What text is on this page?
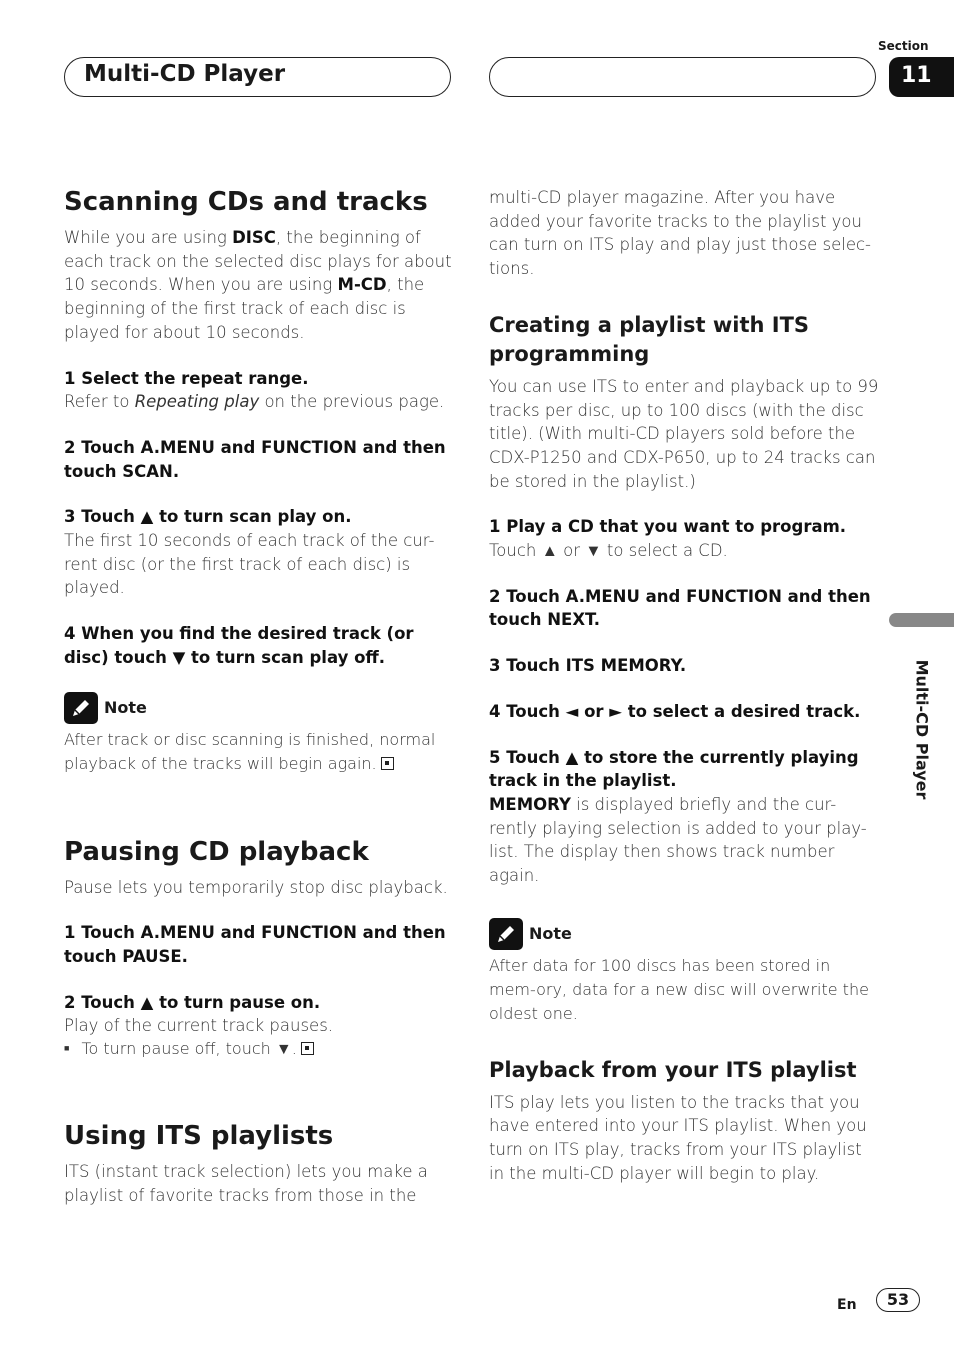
Multi-CD Player
Section
11
Multi-CD Player
Scanning CDs and tracks

While you are using DISC, the beginning of each track on the selected disc plays for about 10 seconds. When you are using M-CD, the beginning of the first track of each disc is played for about 10 seconds.

1 Select the repeat range.

Refer to Repeating play on the previous page.

2 Touch A.MENU and FUNCTION and then touch SCAN.

3 Touch ▲ to turn scan play on.

The first 10 seconds of each track of the cur-rent disc (or the first track of each disc) is played.

4 When you find the desired track (or disc) touch ▼ to turn scan play off.

Note

After track or disc scanning is finished, normal playback of the tracks will begin again.

Pausing CD playback

Pause lets you temporarily stop disc playback.

1 Touch A.MENU and FUNCTION and then touch PAUSE.

2 Touch ▲ to turn pause on.

Play of the current track pauses.

■ To turn pause off, touch ▼.
Using ITS playlists

ITS (instant track selection) lets you make a playlist of favorite tracks from those in the

multi-CD player magazine. After you have added your favorite tracks to the playlist you can turn on ITS play and play just those selec-tions.

Creating a playlist with ITS programming

You can use ITS to enter and playback up to 99 tracks per disc, up to 100 discs (with the disc title). (With multi-CD players sold before the CDX-P1250 and CDX-P650, up to 24 tracks can be stored in the playlist.)

1 Play a CD that you want to program.

Touch ▲ or ▼ to select a CD.

2 Touch A.MENU and FUNCTION and then touch NEXT.

3 Touch ITS MEMORY.

4 Touch ◄ or ► to select a desired track.

5 Touch ▲ to store the currently playing track in the playlist.

MEMORY is displayed briefly and the cur-rently playing selection is added to your play-list. The display then shows track number again.

Note

After data for 100 discs has been stored in mem-ory, data for a new disc will overwrite the oldest one.

Playback from your ITS playlist

ITS play lets you listen to the tracks that you have entered into your ITS playlist. When you turn on ITS play, tracks from your ITS playlist in the multi-CD player will begin to play.

En	53
